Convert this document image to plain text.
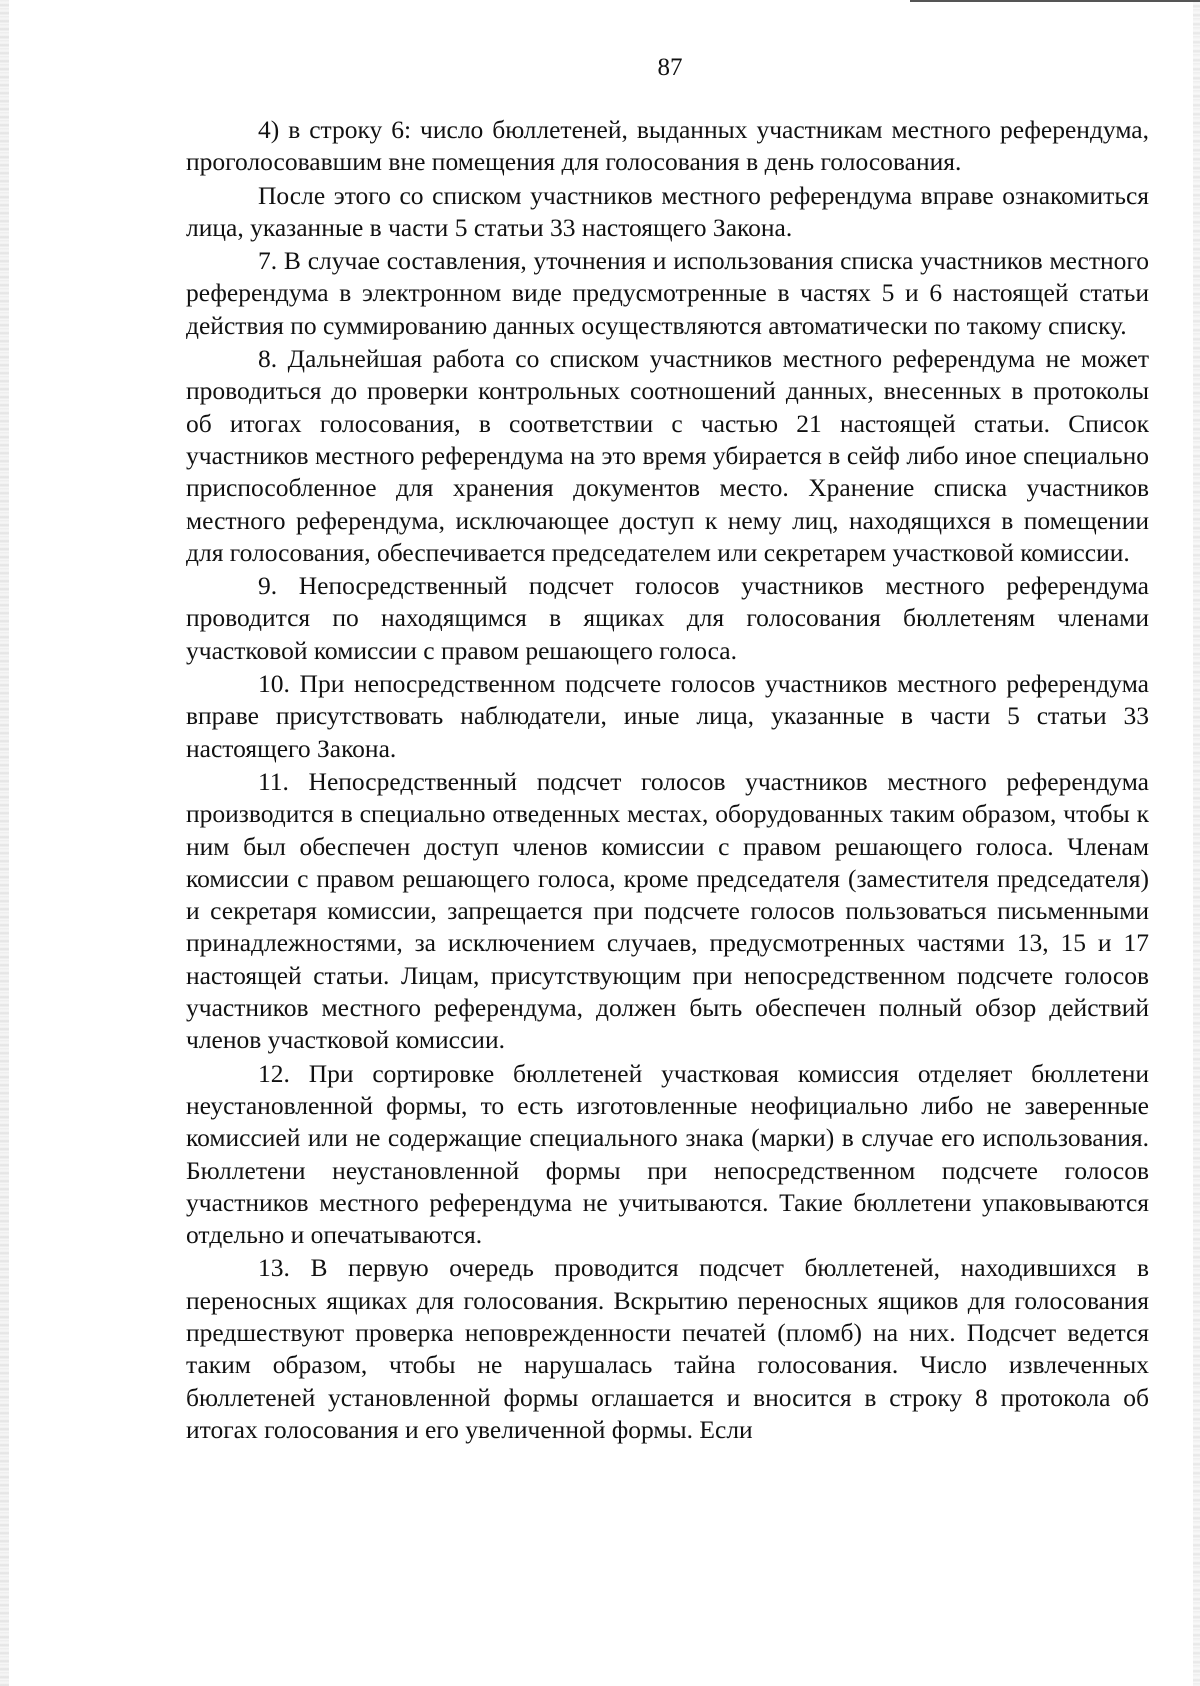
87

4) в строку 6: число бюллетеней, выданных участникам местного референдума, проголосовавшим вне помещения для голосования в день голосования.

После этого со списком участников местного референдума вправе ознакомиться лица, указанные в части 5 статьи 33 настоящего Закона.

7. В случае составления, уточнения и использования списка участников местного референдума в электронном виде предусмотренные в частях 5 и 6 настоящей статьи действия по суммированию данных осуществляются автоматически по такому списку.

8. Дальнейшая работа со списком участников местного референдума не может проводиться до проверки контрольных соотношений данных, внесенных в протоколы об итогах голосования, в соответствии с частью 21 настоящей статьи. Список участников местного референдума на это время убирается в сейф либо иное специально приспособленное для хранения документов место. Хранение списка участников местного референдума, исключающее доступ к нему лиц, находящихся в помещении для голосования, обеспечивается председателем или секретарем участковой комиссии.

9. Непосредственный подсчет голосов участников местного референдума проводится по находящимся в ящиках для голосования бюллетеням членами участковой комиссии с правом решающего голоса.

10. При непосредственном подсчете голосов участников местного референдума вправе присутствовать наблюдатели, иные лица, указанные в части 5 статьи 33 настоящего Закона.

11. Непосредственный подсчет голосов участников местного референдума производится в специально отведенных местах, оборудованных таким образом, чтобы к ним был обеспечен доступ членов комиссии с правом решающего голоса. Членам комиссии с правом решающего голоса, кроме председателя (заместителя председателя) и секретаря комиссии, запрещается при подсчете голосов пользоваться письменными принадлежностями, за исключением случаев, предусмотренных частями 13, 15 и 17 настоящей статьи. Лицам, присутствующим при непосредственном подсчете голосов участников местного референдума, должен быть обеспечен полный обзор действий членов участковой комиссии.

12. При сортировке бюллетеней участковая комиссия отделяет бюллетени неустановленной формы, то есть изготовленные неофициально либо не заверенные комиссией или не содержащие специального знака (марки) в случае его использования. Бюллетени неустановленной формы при непосредственном подсчете голосов участников местного референдума не учитываются. Такие бюллетени упаковываются отдельно и опечатываются.

13. В первую очередь проводится подсчет бюллетеней, находившихся в переносных ящиках для голосования. Вскрытию переносных ящиков для голосования предшествуют проверка неповрежденности печатей (пломб) на них. Подсчет ведется таким образом, чтобы не нарушалась тайна голосования. Число извлеченных бюллетеней установленной формы оглашается и вносится в строку 8 протокола об итогах голосования и его увеличенной формы. Если
